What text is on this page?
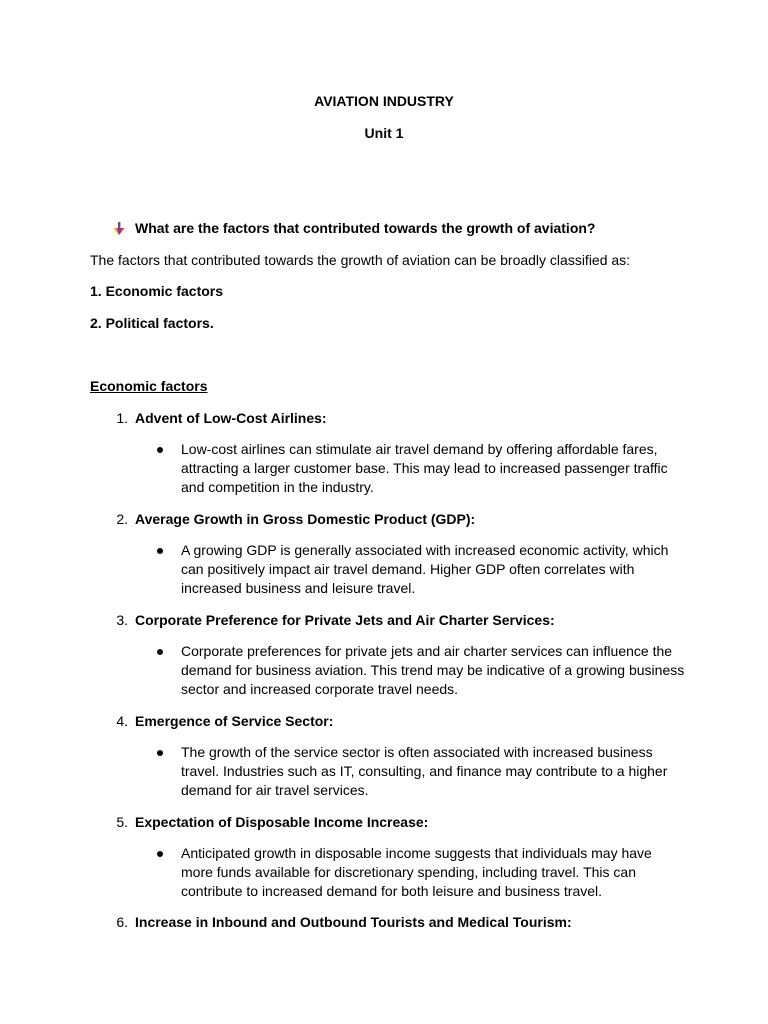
AVIATION INDUSTRY
Unit 1
What are the factors that contributed towards the growth of aviation?
The factors that contributed towards the growth of aviation can be broadly classified as:
1. Economic factors
2. Political factors.
Economic factors
1. Advent of Low-Cost Airlines:
Low-cost airlines can stimulate air travel demand by offering affordable fares,
attracting a larger customer base. This may lead to increased passenger traffic
and competition in the industry.
2. Average Growth in Gross Domestic Product (GDP):
A growing GDP is generally associated with increased economic activity, which
can positively impact air travel demand. Higher GDP often correlates with
increased business and leisure travel.
3. Corporate Preference for Private Jets and Air Charter Services:
Corporate preferences for private jets and air charter services can influence the
demand for business aviation. This trend may be indicative of a growing business
sector and increased corporate travel needs.
4. Emergence of Service Sector:
The growth of the service sector is often associated with increased business
travel. Industries such as IT, consulting, and finance may contribute to a higher
demand for air travel services.
5. Expectation of Disposable Income Increase:
Anticipated growth in disposable income suggests that individuals may have
more funds available for discretionary spending, including travel. This can
contribute to increased demand for both leisure and business travel.
6. Increase in Inbound and Outbound Tourists and Medical Tourism:
